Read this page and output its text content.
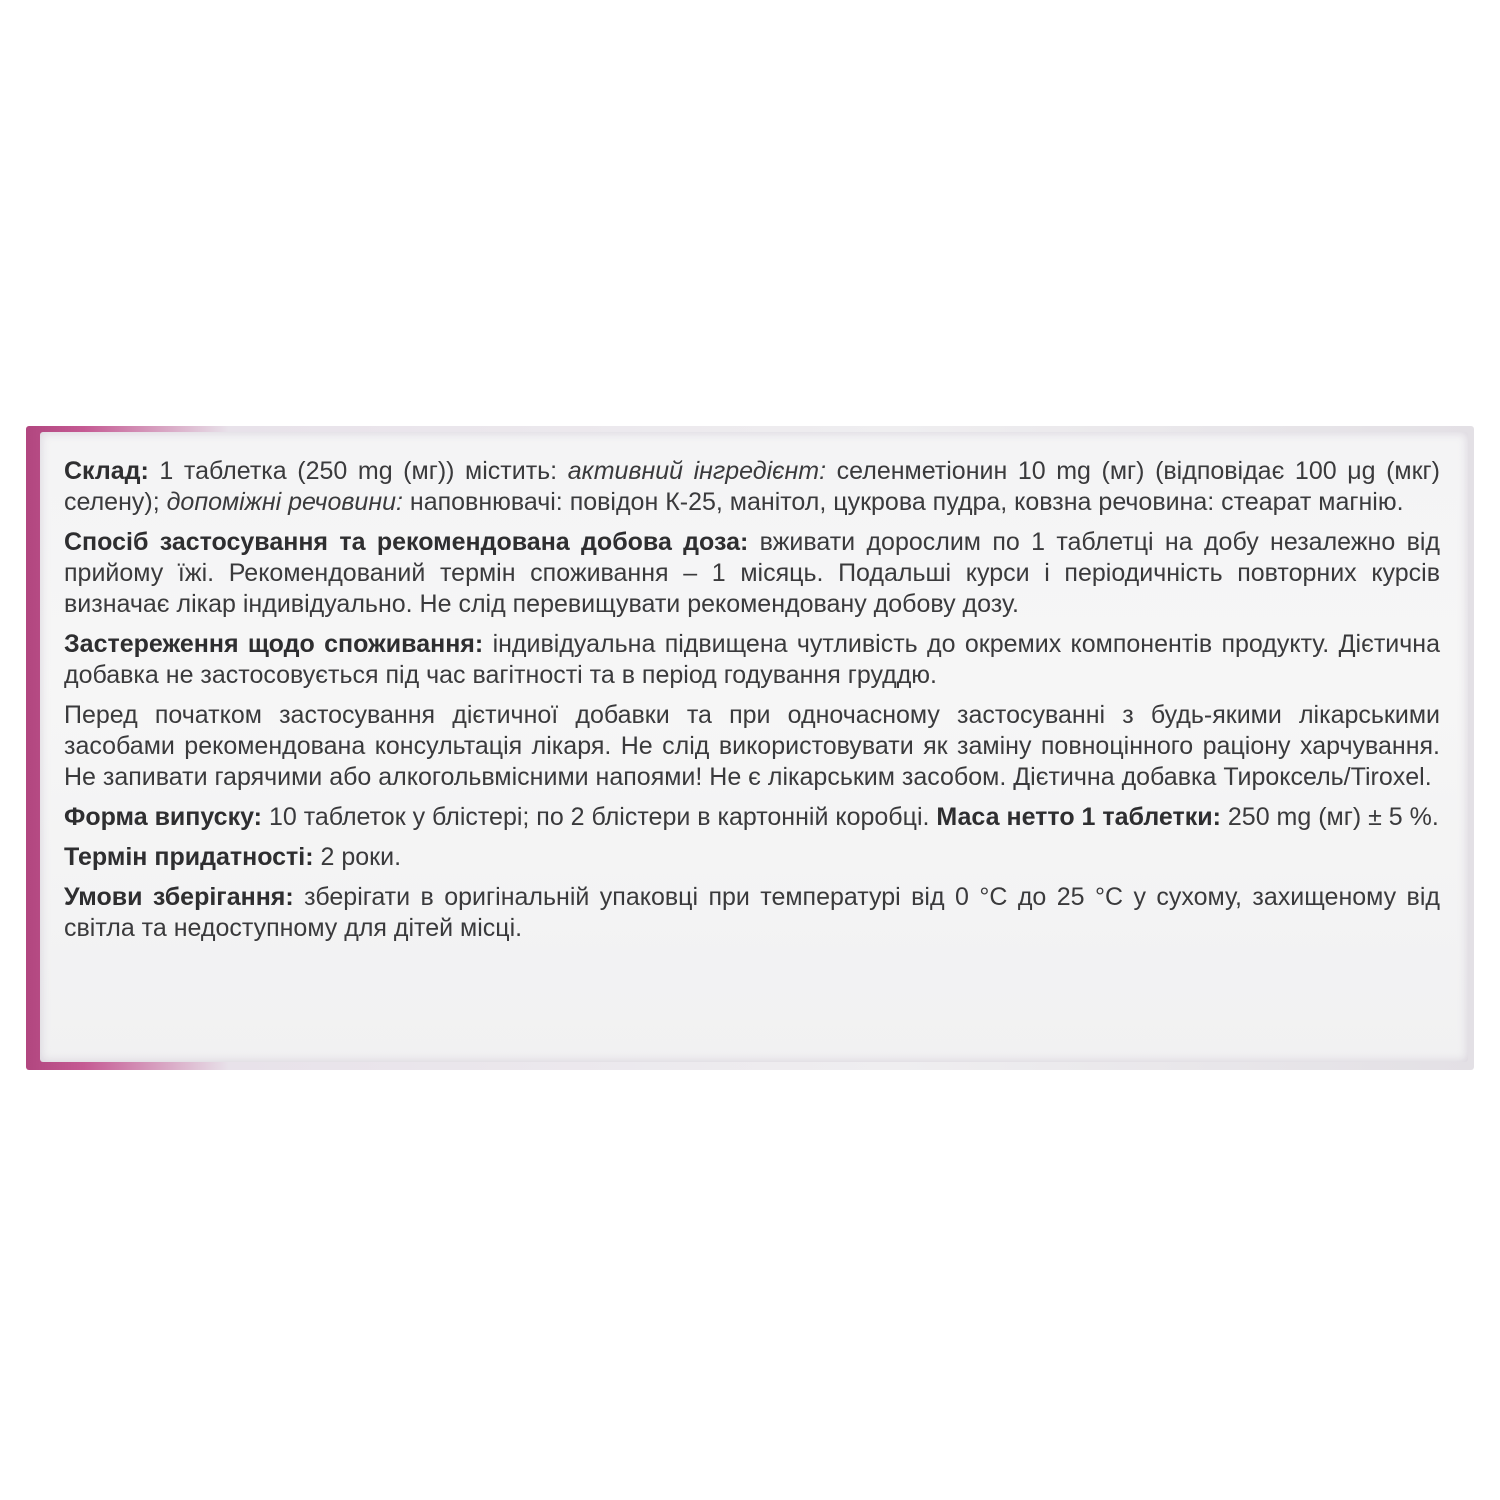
Склад: 1 таблетка (250 mg (мг)) містить: активний інгредієнт: селенметіонин 10 mg (мг) (відповідає 100 μg (мкг) селену); допоміжні речовини: наповнювачі: повідон К-25, манітол, цукрова пудра, ковзна речовина: стеарат магнію.

Спосіб застосування та рекомендована добова доза: вживати дорослим по 1 таблетці на добу незалежно від прийому їжі. Рекомендований термін споживання – 1 місяць. Подальші курси і періодичність повторних курсів визначає лікар індивідуально. Не слід перевищувати рекомендовану добову дозу.

Застереження щодо споживання: індивідуальна підвищена чутливість до окремих компонентів продукту. Дієтична добавка не застосовується під час вагітності та в період годування груддю.

Перед початком застосування дієтичної добавки та при одночасному застосуванні з будь-якими лікарськими засобами рекомендована консультація лікаря. Не слід використовувати як заміну повноцінного раціону харчування. Не запивати гарячими або алкогольвмісними напоями! Не є лікарським засобом. Дієтична добавка Тироксель/Tiroxel.

Форма випуску: 10 таблеток у блістері; по 2 блістери в картонній коробці. Маса нетто 1 таблетки: 250 mg (мг) ± 5 %.

Термін придатності: 2 роки.

Умови зберігання: зберігати в оригінальній упаковці при температурі від 0 °С до 25 °С у сухому, захищеному від світла та недоступному для дітей місці.
